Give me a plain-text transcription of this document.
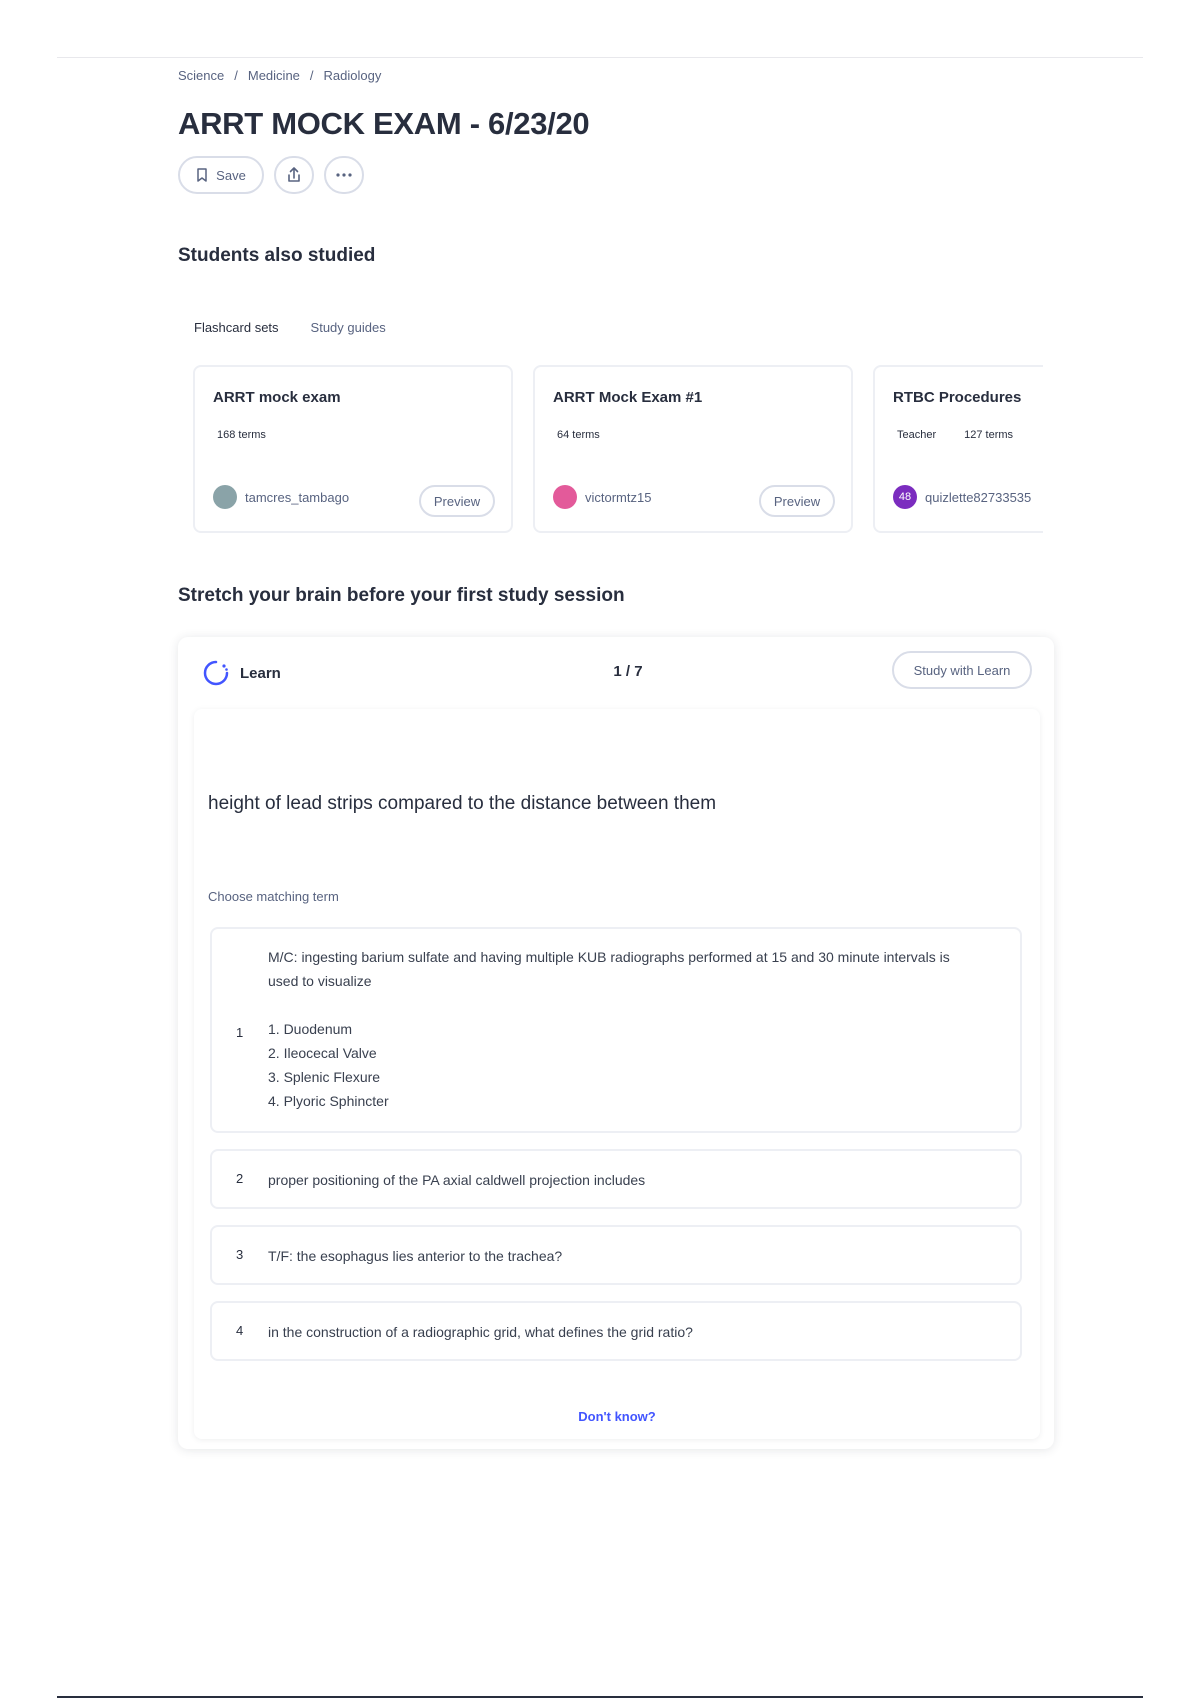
Science / Medicine / Radiology
ARRT MOCK EXAM - 6/23/20
Save
Students also studied
Flashcard sets Study guides
ARRT mock exam
168 terms
tamcres_tambago	Preview
ARRT Mock Exam #1
64 terms
victormtz15	Preview
RTBC Procedures
Teacher	127 terms
48	quizlette82733535
Stretch your brain before your first study session
Learn	1 / 7	Study with Learn
height of lead strips compared to the distance between them
Choose matching term
1
M/C: ingesting barium sulfate and having multiple KUB radiographs performed at 15 and 30 minute intervals is used to visualize
1. Duodenum
2. Ileocecal Valve
3. Splenic Flexure
4. Plyoric Sphincter
2 proper positioning of the PA axial caldwell projection includes
3 T/F: the esophagus lies anterior to the trachea?
4 in the construction of a radiographic grid, what defines the grid ratio?
Don't know?
